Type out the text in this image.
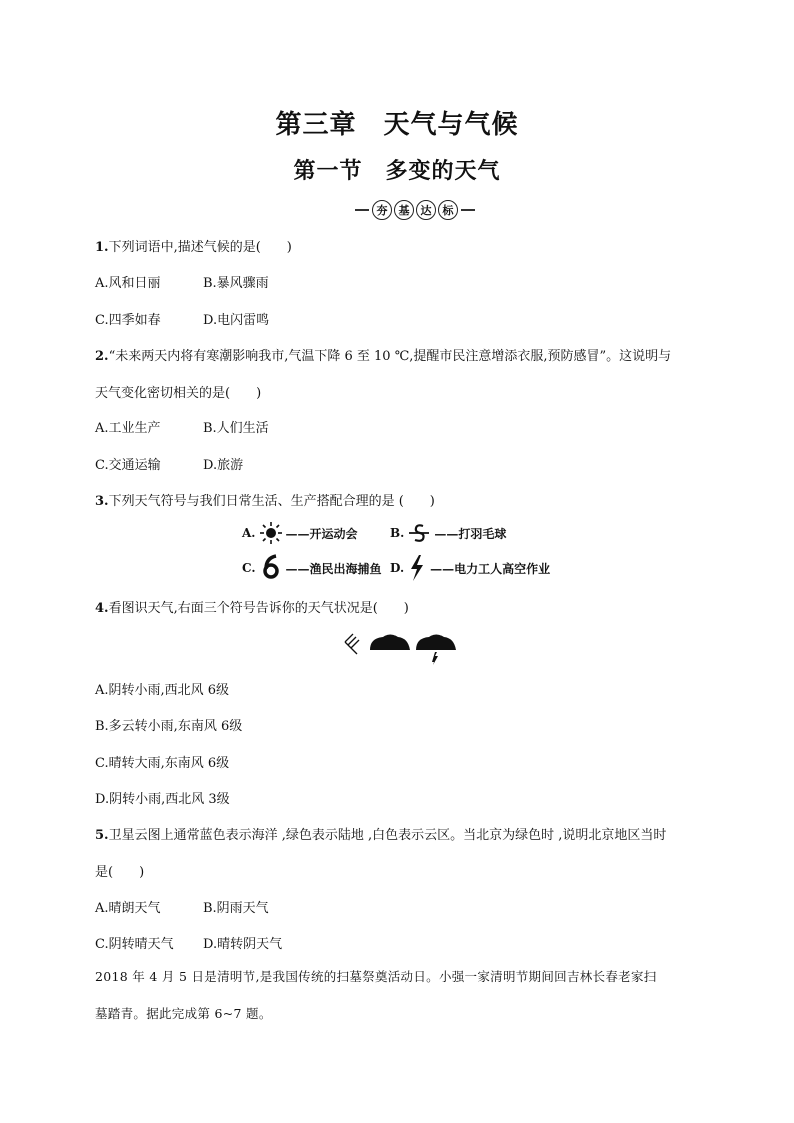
第三章　天气与气候
第一节　多变的天气
夯	基	达	标
1.下列词语中,描述气候的是(　　)
A.风和日丽	B.暴风骤雨
C.四季如春	D.电闪雷鸣
2.“未来两天内将有寒潮影响我市,气温下降 6 至 10 ℃,提醒市民注意增添衣服,预防感冒”。这说明与
天气变化密切相关的是(　　)
A.工业生产	B.人们生活
C.交通运输	D.旅游
3.下列天气符号与我们日常生活、生产搭配合理的是 (　　)
A.	——开运动会	B.	——打羽毛球
C.	——渔民出海捕鱼 D. ——电力工人高空作业
4.看图识天气,右面三个符号告诉你的天气状况是(　　)
A.阴转小雨,西北风 6级
B.多云转小雨,东南风 6级
C.晴转大雨,东南风 6级
D.阴转小雨,西北风 3级
5.卫星云图上通常蓝色表示海洋 ,绿色表示陆地 ,白色表示云区。当北京为绿色时 ,说明北京地区当时
是(　　)
A.晴朗天气	B.阴雨天气
C.阴转晴天气 D.晴转阴天气
2018 年 4 月 5 日是清明节,是我国传统的扫墓祭奠活动日。小强一家清明节期间回吉林长春老家扫
墓踏青。据此完成第 6~7 题。
